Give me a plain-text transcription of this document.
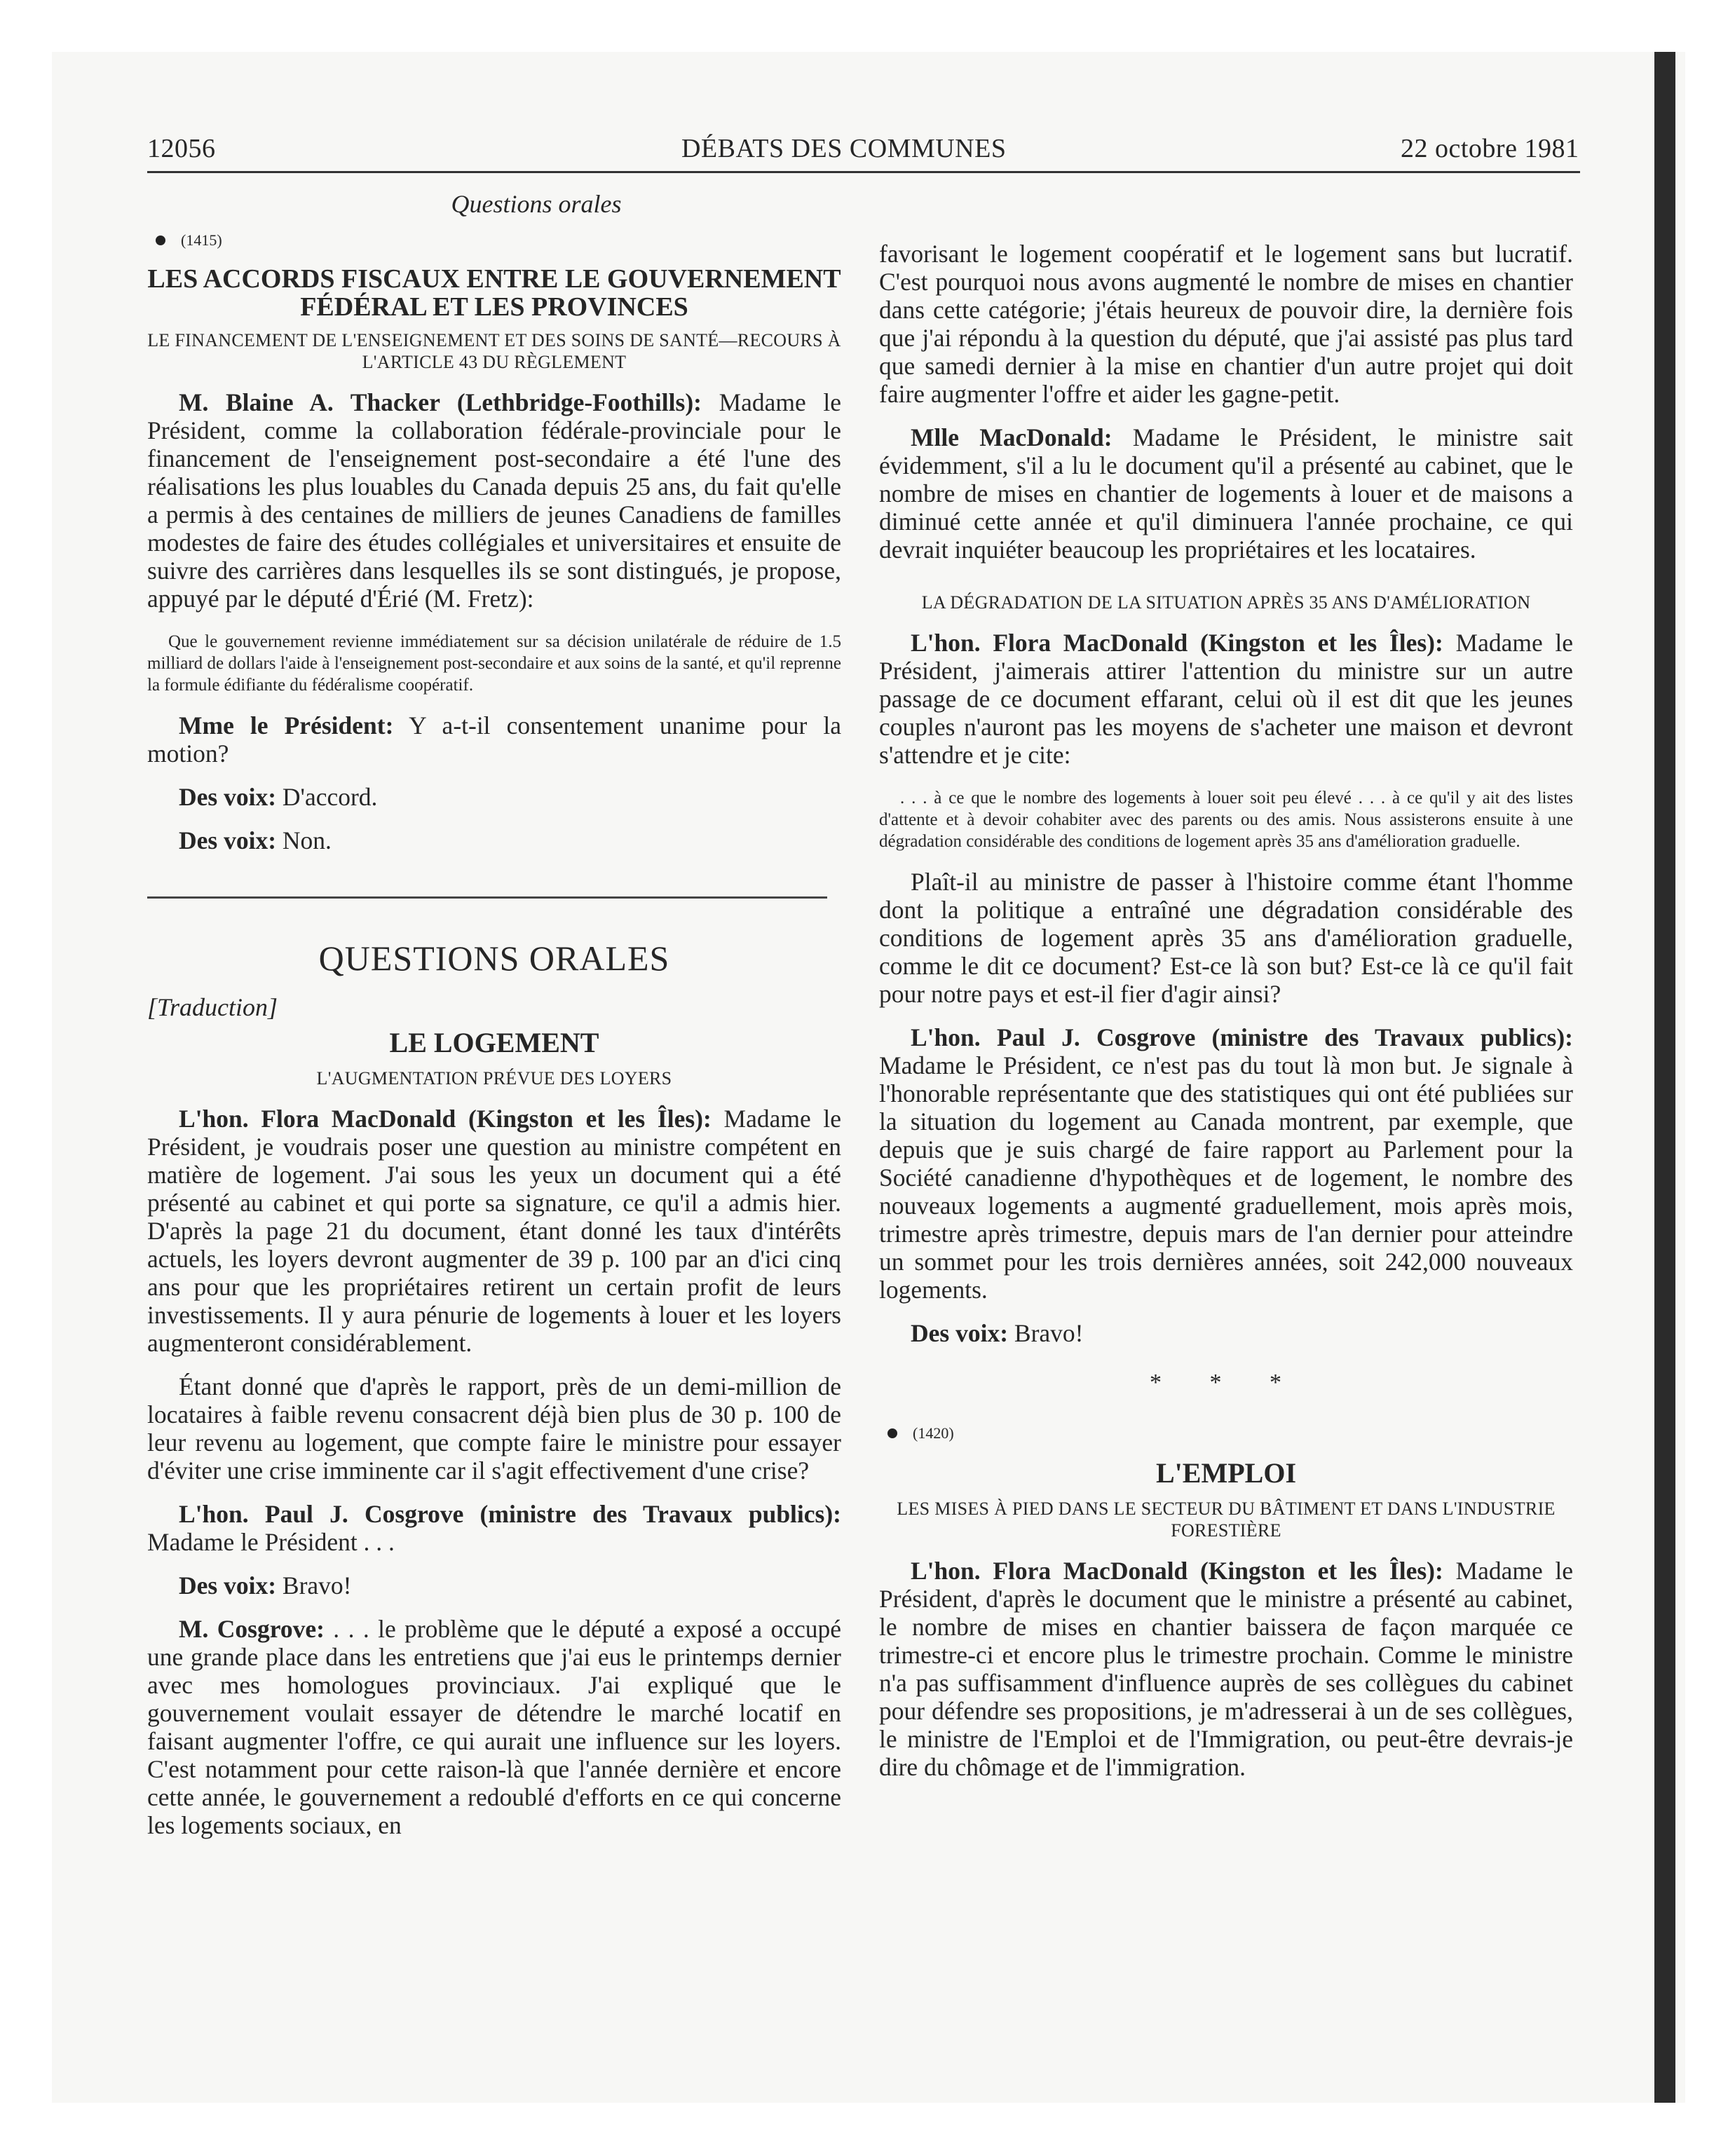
12056	DÉBATS DES COMMUNES	22 octobre 1981
Questions orales
(1415)
LES ACCORDS FISCAUX ENTRE LE GOUVERNEMENT FÉDÉRAL ET LES PROVINCES
LE FINANCEMENT DE L'ENSEIGNEMENT ET DES SOINS DE SANTÉ—RECOURS À L'ARTICLE 43 DU RÈGLEMENT

M. Blaine A. Thacker (Lethbridge-Foothills): Madame le Président, comme la collaboration fédérale-provinciale pour le financement de l'enseignement post-secondaire a été l'une des réalisations les plus louables du Canada depuis 25 ans, du fait qu'elle a permis à des centaines de milliers de jeunes Canadiens de familles modestes de faire des études collégiales et universitaires et ensuite de suivre des carrières dans lesquelles ils se sont distingués, je propose, appuyé par le député d'Érié (M. Fretz):

Que le gouvernement revienne immédiatement sur sa décision unilatérale de réduire de 1.5 milliard de dollars l'aide à l'enseignement post-secondaire et aux soins de la santé, et qu'il reprenne la formule édifiante du fédéralisme coopératif.

Mme le Président: Y a-t-il consentement unanime pour la motion?

Des voix: D'accord.

Des voix: Non.

QUESTIONS ORALES
[Traduction]
LE LOGEMENT
L'AUGMENTATION PRÉVUE DES LOYERS

L'hon. Flora MacDonald (Kingston et les Îles): Madame le Président, je voudrais poser une question au ministre compétent en matière de logement. J'ai sous les yeux un document qui a été présenté au cabinet et qui porte sa signature, ce qu'il a admis hier. D'après la page 21 du document, étant donné les taux d'intérêts actuels, les loyers devront augmenter de 39 p. 100 par an d'ici cinq ans pour que les propriétaires retirent un certain profit de leurs investissements. Il y aura pénurie de logements à louer et les loyers augmenteront considérablement.

Étant donné que d'après le rapport, près de un demi-million de locataires à faible revenu consacrent déjà bien plus de 30 p. 100 de leur revenu au logement, que compte faire le ministre pour essayer d'éviter une crise imminente car il s'agit effectivement d'une crise?

L'hon. Paul J. Cosgrove (ministre des Travaux publics): Madame le Président . . .

Des voix: Bravo!

M. Cosgrove: . . . le problème que le député a exposé a occupé une grande place dans les entretiens que j'ai eus le printemps dernier avec mes homologues provinciaux. J'ai expliqué que le gouvernement voulait essayer de détendre le marché locatif en faisant augmenter l'offre, ce qui aurait une influence sur les loyers. C'est notamment pour cette raison-là que l'année dernière et encore cette année, le gouvernement a redoublé d'efforts en ce qui concerne les logements sociaux, en

favorisant le logement coopératif et le logement sans but lucratif. C'est pourquoi nous avons augmenté le nombre de mises en chantier dans cette catégorie; j'étais heureux de pouvoir dire, la dernière fois que j'ai répondu à la question du député, que j'ai assisté pas plus tard que samedi dernier à la mise en chantier d'un autre projet qui doit faire augmenter l'offre et aider les gagne-petit.

Mlle MacDonald: Madame le Président, le ministre sait évidemment, s'il a lu le document qu'il a présenté au cabinet, que le nombre de mises en chantier de logements à louer et de maisons a diminué cette année et qu'il diminuera l'année prochaine, ce qui devrait inquiéter beaucoup les propriétaires et les locataires.

LA DÉGRADATION DE LA SITUATION APRÈS 35 ANS D'AMÉLIORATION

L'hon. Flora MacDonald (Kingston et les Îles): Madame le Président, j'aimerais attirer l'attention du ministre sur un autre passage de ce document effarant, celui où il est dit que les jeunes couples n'auront pas les moyens de s'acheter une maison et devront s'attendre et je cite:

. . . à ce que le nombre des logements à louer soit peu élevé . . . à ce qu'il y ait des listes d'attente et à devoir cohabiter avec des parents ou des amis. Nous assisterons ensuite à une dégradation considérable des conditions de logement après 35 ans d'amélioration graduelle.

Plaît-il au ministre de passer à l'histoire comme étant l'homme dont la politique a entraîné une dégradation considérable des conditions de logement après 35 ans d'amélioration graduelle, comme le dit ce document? Est-ce là son but? Est-ce là ce qu'il fait pour notre pays et est-il fier d'agir ainsi?

L'hon. Paul J. Cosgrove (ministre des Travaux publics): Madame le Président, ce n'est pas du tout là mon but. Je signale à l'honorable représentante que des statistiques qui ont été publiées sur la situation du logement au Canada montrent, par exemple, que depuis que je suis chargé de faire rapport au Parlement pour la Société canadienne d'hypothèques et de logement, le nombre des nouveaux logements a augmenté graduellement, mois après mois, trimestre après trimestre, depuis mars de l'an dernier pour atteindre un sommet pour les trois dernières années, soit 242,000 nouveaux logements.

Des voix: Bravo!

* * *
(1420)
L'EMPLOI
LES MISES À PIED DANS LE SECTEUR DU BÂTIMENT ET DANS L'INDUSTRIE FORESTIÈRE

L'hon. Flora MacDonald (Kingston et les Îles): Madame le Président, d'après le document que le ministre a présenté au cabinet, le nombre de mises en chantier baissera de façon marquée ce trimestre-ci et encore plus le trimestre prochain. Comme le ministre n'a pas suffisamment d'influence auprès de ses collègues du cabinet pour défendre ses propositions, je m'adresserai à un de ses collègues, le ministre de l'Emploi et de l'Immigration, ou peut-être devrais-je dire du chômage et de l'immigration.
